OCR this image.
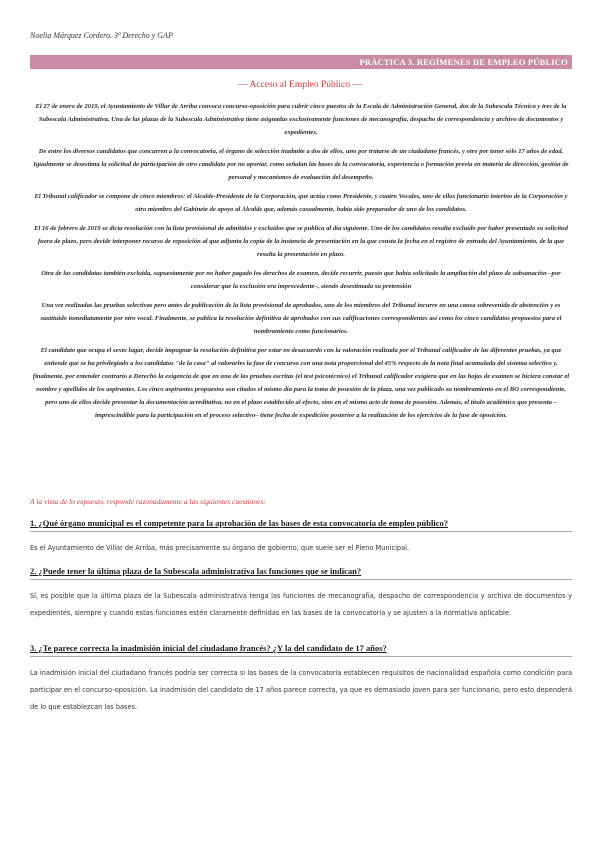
Noelia Márquez Cordero. 3º Derecho y GAP
PRÁCTICA 3. REGÍMENES DE EMPLEO PÚBLICO
— Acceso al Empleo Público —

El 27 de enero de 2019, el Ayuntamiento de Villar de Arriba convoca concurso-oposición para cubrir cinco puestos de la Escala de Administración General, dos de la Subescala Técnica y tres de la Subescala Administrativa. Una de las plazas de la Subescala Administrativa tiene asignadas exclusivamente funciones de mecanografía, despacho de correspondencia y archivo de documentos y expedientes.

De entre los diversos candidatos que concurren a la convocatoria, el órgano de selección inadmite a dos de ellos, uno por tratarse de un ciudadano francés, y otro por tener sólo 17 años de edad. Igualmente se desestima la solicitud de participación de otro candidato por no aportar, como señalan las bases de la convocatoria, experiencia o formación previa en materia de dirección, gestión de personal y mecanismos de evaluación del desempeño.

El Tribunal calificador se compone de cinco miembros: el Alcalde-Presidente de la Corporación, que actúa como Presidente, y cuatro Vocales, uno de ellos funcionario interino de la Corporación y otro miembro del Gabinete de apoyo al Alcalde que, además casualmente, había sido preparador de uno de los candidatos.

El 16 de febrero de 2019 se dicta resolución con la lista provisional de admitidos y excluidos que se publica al día siguiente. Uno de los candidatos resulta excluido por haber presentado su solicitud fuera de plazo, pero decide interponer recurso de reposición al que adjunta la copia de la instancia de presentación en la que consta la fecha en el registro de entrada del Ayuntamiento, de la que resulta la presentación en plazo.

Otra de las candidatas también excluida, supuestamente por no haber pagado los derechos de examen, decide recurrir, puesto que había solicitado la ampliación del plazo de subsanación –por considerar que la exclusión era improcedente–, siendo desestimada su pretensión

Una vez realizadas las pruebas selectivas pero antes de publicación de la lista provisional de aprobados, uno de los miembros del Tribunal incurre en una causa sobrevenida de abstención y es sustituido inmediatamente por otro vocal. Finalmente, se publica la resolución definitiva de aprobados con sus calificaciones correspondientes así como los cinco candidatos propuestos para el nombramiento como funcionarios.

El candidato que ocupa el sexto lugar, decide impugnar la resolución definitiva por estar en desacuerdo con la valoración realizada por el Tribunal calificador de las diferentes pruebas, ya que entiende que se ha privilegiado a los candidatos "de la casa" al valorarles la fase de concurso con una nota proporcional del 45% respecto de la nota final acumulada del sistema selectivo y, finalmente, por entender contrario a Derecho la exigencia de que en una de las pruebas escritas (el test psicotécnico) el Tribunal calificador exigiera que en las hojas de examen se hiciera constar el nombre y apellidos de los aspirantes. Los cinco aspirantes propuestos son citados el mismo día para la toma de posesión de la plaza, una vez publicado su nombramiento en el BO correspondiente, pero uno de ellos decide presentar la documentación acreditativa, no en el plazo establecido al efecto, sino en el mismo acto de toma de posesión. Además, el título académico que presenta –imprescindible para la participación en el proceso selectivo– tiene fecha de expedición posterior a la realización de los ejercicios de la fase de oposición.

A la vista de lo expuesto, responde razonadamente a las siguientes cuestiones:
1. ¿Qué órgano municipal es el competente para la aprobación de las bases de esta convocatoria de empleo público?
Es el Ayuntamiento de Villar de Arriba, más precisamente su órgano de gobierno, que suele ser el Pleno Municipal.
2. ¿Puede tener la última plaza de la Subescala administrativa las funciones que se indican?
Sí, es posible que la última plaza de la Subescala administrativa tenga las funciones de mecanografía, despacho de correspondencia y archivo de documentos y expedientes, siempre y cuando estas funciones estén claramente definidas en las bases de la convocatoria y se ajusten a la normativa aplicable.
3. ¿Te parece correcta la inadmisión inicial del ciudadano francés? ¿Y la del candidato de 17 años?
La inadmisión inicial del ciudadano francés podría ser correcta si las bases de la convocatoria establecen requisitos de nacionalidad española como condición para participar en el concurso-oposición. La inadmisión del candidato de 17 años parece correcta, ya que es demasiado joven para ser funcionario, pero esto dependerá de lo que establezcan las bases.
